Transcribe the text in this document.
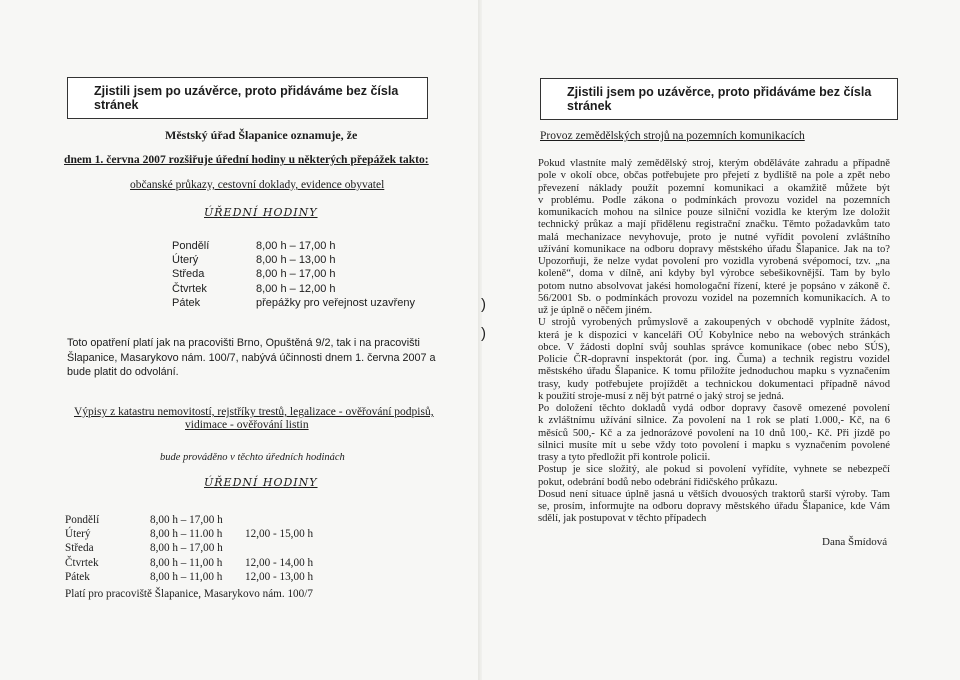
)
)
Zjistili jsem po uzávěrce, proto přidáváme bez čísla stránek
Městský úřad Šlapanice oznamuje, že
dnem 1. června 2007 rozšiřuje úřední hodiny u některých přepážek takto:
občanské průkazy, cestovní doklady, evidence obyvatel
ÚŘEDNÍ HODINY
Pondělí
Úterý
Středa
Čtvrtek
Pátek
8,00 h – 17,00 h
8,00 h – 13,00 h
8,00 h – 17,00 h
8,00 h – 12,00 h
přepážky pro veřejnost uzavřeny
Toto opatření platí jak na pracovišti Brno, Opuštěná 9/2, tak i na pracovišti
Šlapanice, Masarykovo nám. 100/7, nabývá účinnosti dnem 1. června 2007 a
bude platit do odvolání.
Výpisy z katastru nemovitostí, rejstříky trestů, legalizace - ověřování podpisů,
vidimace - ověřování listin
bude prováděno v těchto úředních hodinách
ÚŘEDNÍ HODINY
Pondělí
Úterý
Středa
Čtvrtek
Pátek
8,00 h – 17,00 h
8,00 h – 11.00 h
8,00 h – 17,00 h
8,00 h – 11,00 h
8,00 h – 11,00 h
12,00 - 15,00 h
12,00 - 14,00 h
12,00 - 13,00 h
Platí pro pracoviště Šlapanice, Masarykovo nám. 100/7
Zjistili jsem po uzávěrce, proto přidáváme bez čísla stránek
Provoz zemědělských strojů na pozemních komunikacích
Pokud vlastníte malý zemědělský stroj, kterým obděláváte zahradu a případně
pole v okolí obce, občas potřebujete pro přejetí z bydliště na pole a zpět nebo
převezení náklady použít pozemní komunikaci a okamžitě můžete být
v problému. Podle zákona o podmínkách provozu vozidel na pozemních
komunikacích mohou na silnice pouze silniční vozidla ke kterým lze doložit
technický průkaz a mají přidělenu registrační značku. Těmto požadavkům tato
malá mechanizace nevyhovuje, proto je nutné vyřídit povolení zvláštního
užívání komunikace na odboru dopravy městského úřadu Šlapanice. Jak na to?
Upozorňuji, že nelze vydat povolení pro vozidla vyrobená svépomocí, tzv. „na
koleně“, doma v dílně, ani kdyby byl výrobce sebešikovnější. Tam by bylo
potom nutno absolvovat jakési homologační řízení, které je popsáno v zákoně č.
56/2001 Sb. o podmínkách provozu vozidel na pozemních komunikacích. A to
už je úplně o něčem jiném.
U strojů vyrobených průmyslově a zakoupených v obchodě vyplníte žádost,
která je k dispozici v kanceláři OÚ Kobylnice nebo na webových stránkách
obce. V žádosti doplní svůj souhlas správce komunikace (obec nebo SÚS),
Policie ČR-dopravní inspektorát (por. ing. Čuma) a technik registru vozidel
městského úřadu Šlapanice. K tomu přiložíte jednoduchou mapku s vyznačením
trasy, kudy potřebujete projíždět a technickou dokumentaci případně návod
k použití stroje-musí z něj být patrné o jaký stroj se jedná.
Po doložení těchto dokladů vydá odbor dopravy časově omezené povolení
k zvláštnímu užívání silnice. Za povolení na 1 rok se platí 1.000,- Kč, na 6
měsíců 500,- Kč a za jednorázové povolení na 10 dnů 100,- Kč. Při jízdě po
silnici musíte mít u sebe vždy toto povolení i mapku s vyznačením povolené
trasy a tyto předložit při kontrole policii.
Postup je sice složitý, ale pokud si povolení vyřídíte, vyhnete se nebezpečí
pokut, odebrání bodů nebo odebrání řidičského průkazu.
Dosud není situace úplně jasná u větších dvouosých traktorů starší výroby. Tam
se, prosím, informujte na odboru dopravy městského úřadu Šlapanice, kde Vám
sdělí, jak postupovat v těchto případech
Dana Šmídová
